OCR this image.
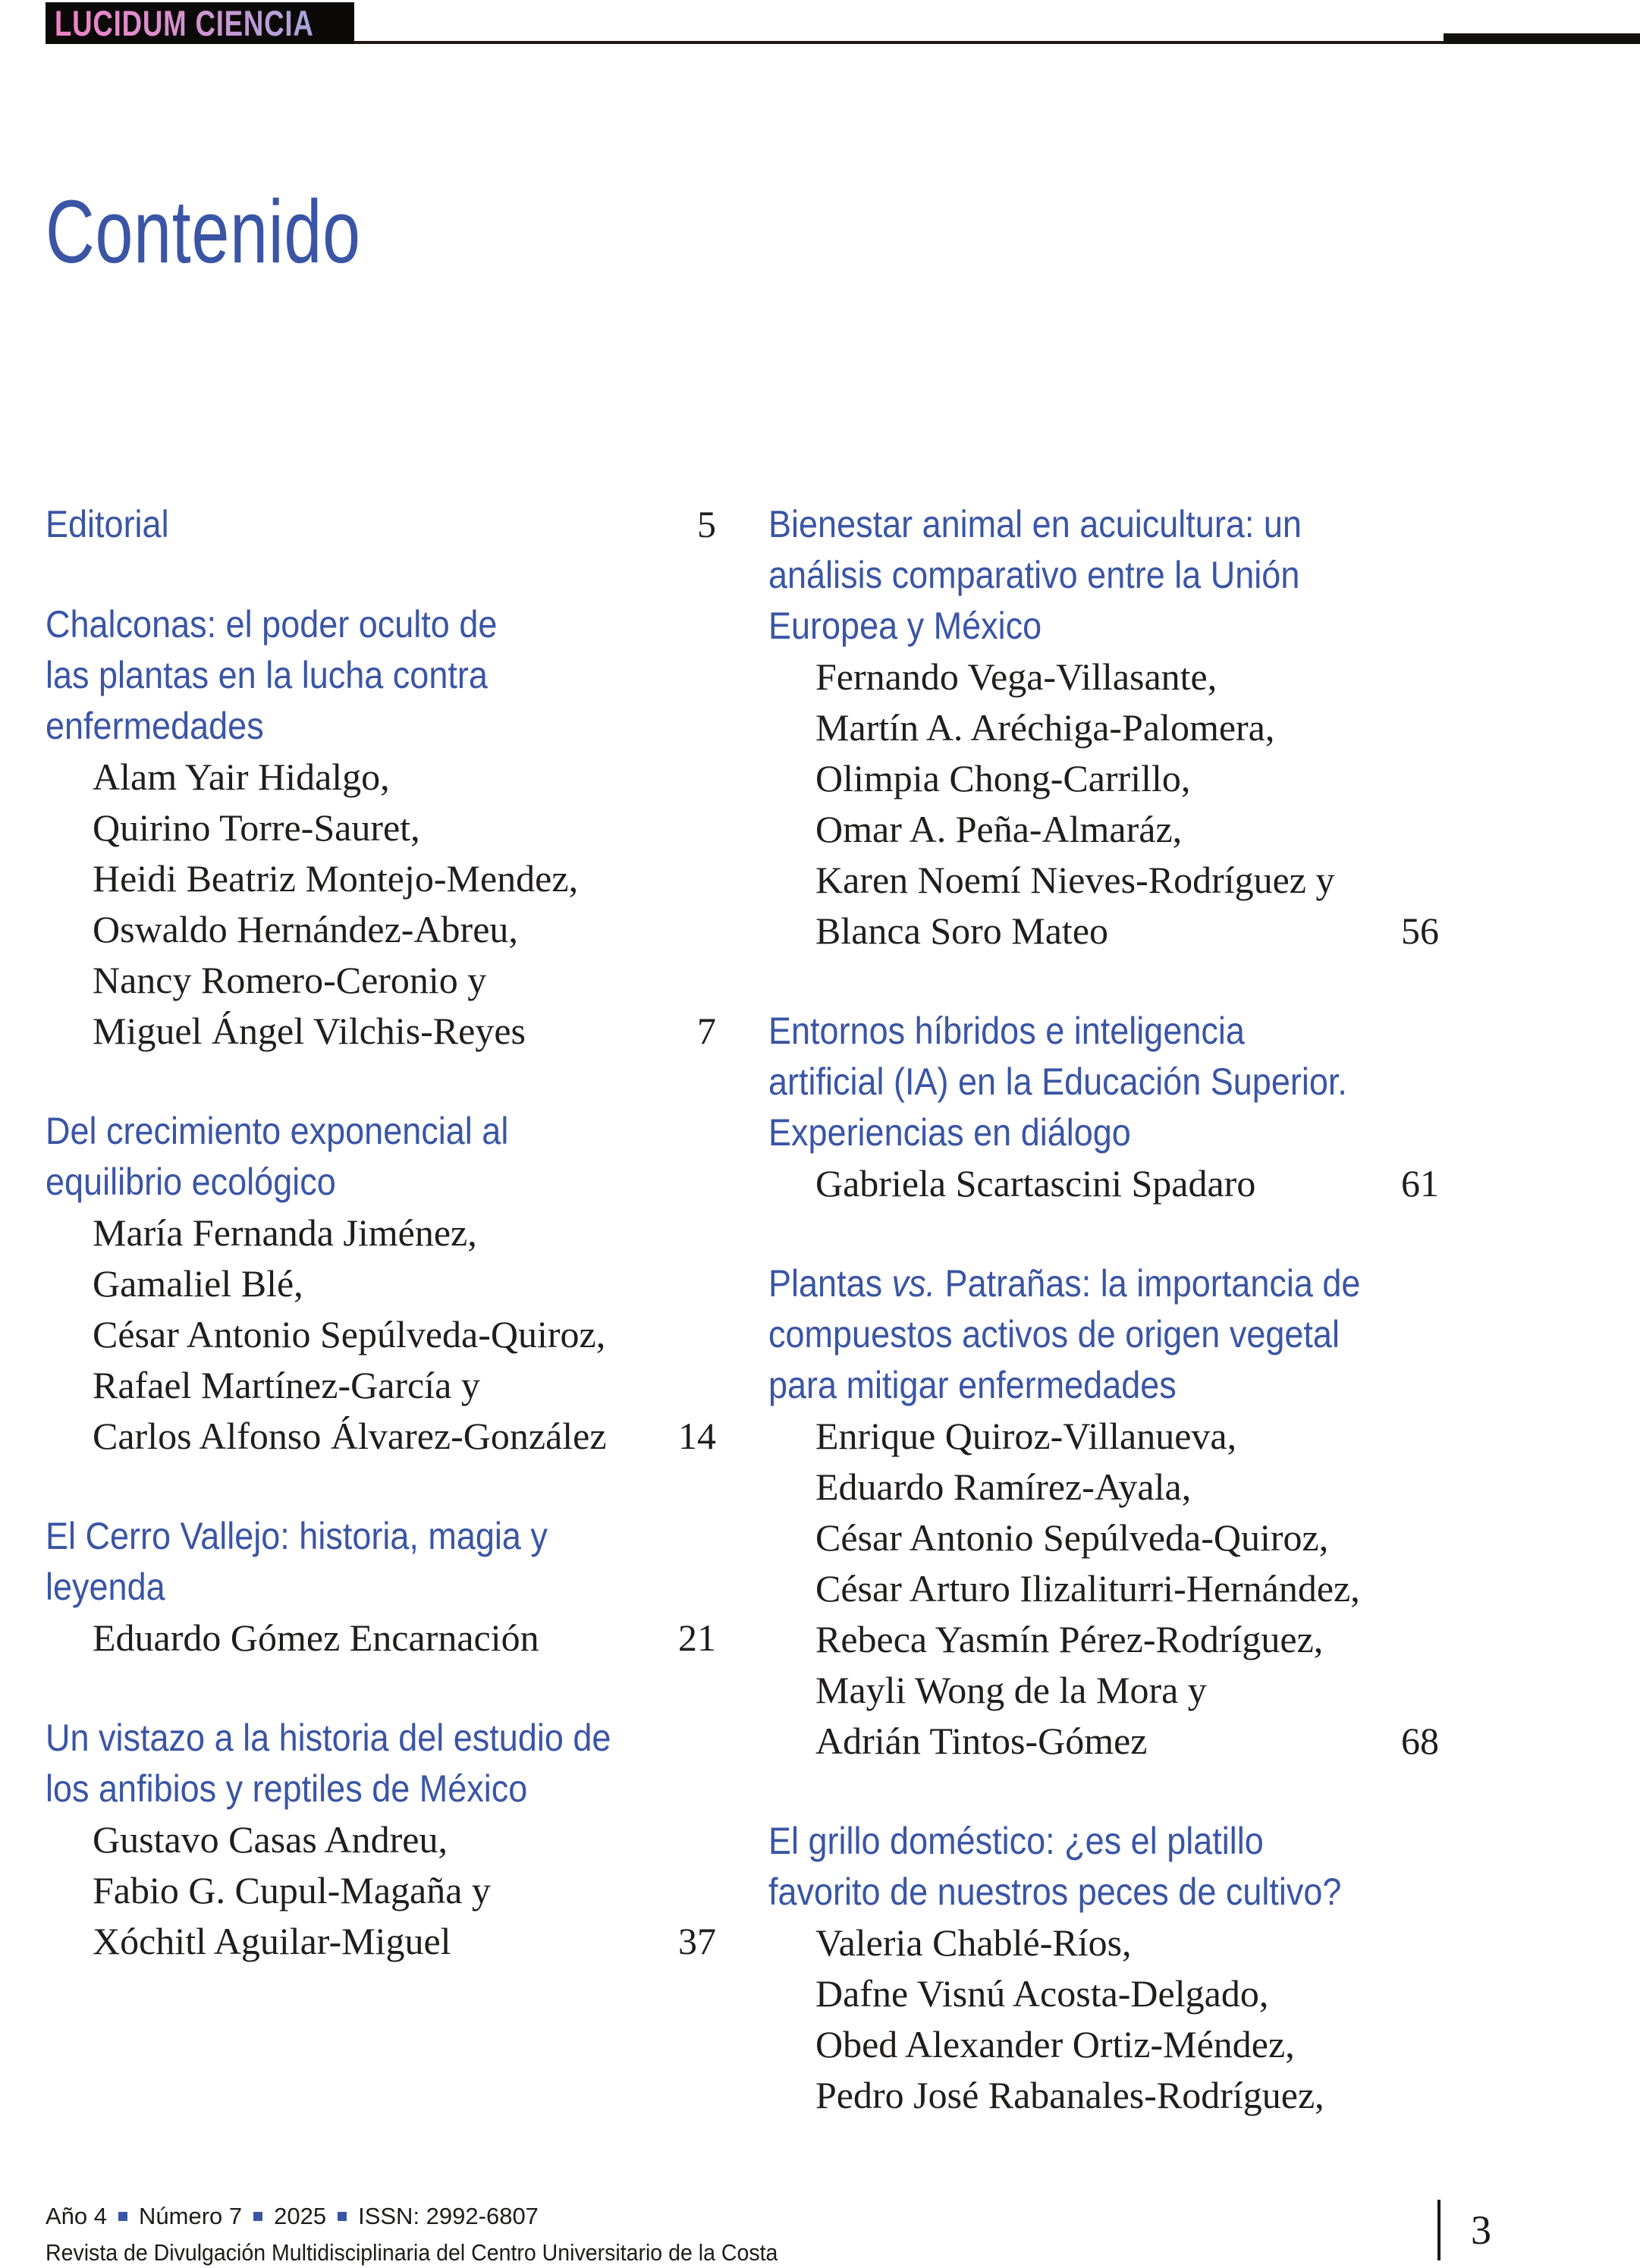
LUCIDUM CIENCIA
Contenido
Editorial	5
Chalconas: el poder oculto de
las plantas en la lucha contra
enfermedades
Alam Yair Hidalgo,
Quirino Torre-Sauret,
Heidi Beatriz Montejo-Mendez,
Oswaldo Hernández-Abreu,
Nancy Romero-Ceronio y
Miguel Ángel Vilchis-Reyes	7
Del crecimiento exponencial al
equilibrio ecológico
María Fernanda Jiménez,
Gamaliel Blé,
César Antonio Sepúlveda-Quiroz,
Rafael Martínez-García y
Carlos Alfonso Álvarez-González 14
El Cerro Vallejo: historia, magia y
leyenda
Eduardo Gómez Encarnación	21
Un vistazo a la historia del estudio de
los anfibios y reptiles de México
Gustavo Casas Andreu,
Fabio G. Cupul-Magaña y
Xóchitl Aguilar-Miguel	37
Bienestar animal en acuicultura: un
análisis comparativo entre la Unión
Europea y México
Fernando Vega-Villasante,
Martín A. Aréchiga-Palomera,
Olimpia Chong-Carrillo,
Omar A. Peña-Almaráz,
Karen Noemí Nieves-Rodríguez y
Blanca Soro Mateo	56
Entornos híbridos e inteligencia
artificial (IA) en la Educación Superior.
Experiencias en diálogo
Gabriela Scartascini Spadaro	61
Plantas vs. Patrañas: la importancia de
compuestos activos de origen vegetal
para mitigar enfermedades
Enrique Quiroz-Villanueva,
Eduardo Ramírez-Ayala,
César Antonio Sepúlveda-Quiroz,
César Arturo Ilizaliturri-Hernández,
Rebeca Yasmín Pérez-Rodríguez,
Mayli Wong de la Mora y
Adrián Tintos-Gómez	68
El grillo doméstico: ¿es el platillo
favorito de nuestros peces de cultivo?
Valeria Chablé-Ríos,
Dafne Visnú Acosta-Delgado,
Obed Alexander Ortiz-Méndez,
Pedro José Rabanales-Rodríguez,
Año 4 Número 7 2025 ISSN: 2992-6807
Revista de Divulgación Multidisciplinaria del Centro Universitario de la Costa	3
